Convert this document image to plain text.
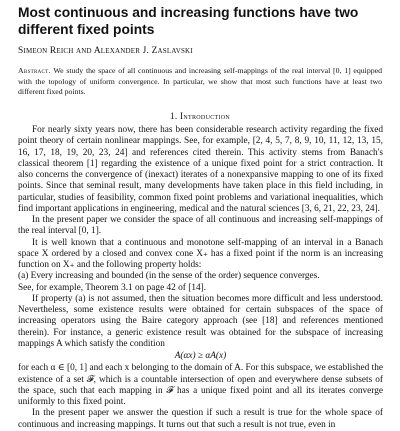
Most continuous and increasing functions have two different fixed points
Simeon Reich and Alexander J. Zaslavski

Abstract. We study the space of all continuous and increasing self-mappings of the real interval [0, 1] equipped with the topology of uniform convergence. In particular, we show that most such functions have at least two different fixed points.

1. Introduction

For nearly sixty years now, there has been considerable research activity regarding the fixed point theory of certain nonlinear mappings. See, for example, [2, 4, 5, 7, 8, 9, 10, 11, 12, 13, 15, 16, 17, 18, 19, 20, 23, 24] and references cited therein. This activity stems from Banach's classical theorem [1] regarding the existence of a unique fixed point for a strict contraction. It also concerns the convergence of (inexact) iterates of a nonexpansive mapping to one of its fixed points. Since that seminal result, many developments have taken place in this field including, in particular, studies of feasibility, common fixed point problems and variational inequalities, which find important applications in engineering, medical and the natural sciences [3, 6, 21, 22, 23, 24].

In the present paper we consider the space of all continuous and increasing self-mappings of the real interval [0, 1].

It is well known that a continuous and monotone self-mapping of an interval in a Banach space X ordered by a closed and convex cone X₊ has a fixed point if the norm is an increasing function on X₊ and the following property holds:

(a) Every increasing and bounded (in the sense of the order) sequence converges.

See, for example, Theorem 3.1 on page 42 of [14].

If property (a) is not assumed, then the situation becomes more difficult and less understood. Nevertheless, some existence results were obtained for certain subspaces of the space of increasing operators using the Baire category approach (see [18] and references mentioned therein). For instance, a generic existence result was obtained for the subspace of increasing mappings A which satisfy the condition

A(αx) ≥ αA(x)

for each α ∈ [0, 1] and each x belonging to the domain of A. For this subspace, we established the existence of a set 𝓕, which is a countable intersection of open and everywhere dense subsets of the space, such that each mapping in 𝓕 has a unique fixed point and all its iterates converge uniformly to this fixed point.

In the present paper we answer the question if such a result is true for the whole space of continuous and increasing mappings. It turns out that such a result is not true, even in
